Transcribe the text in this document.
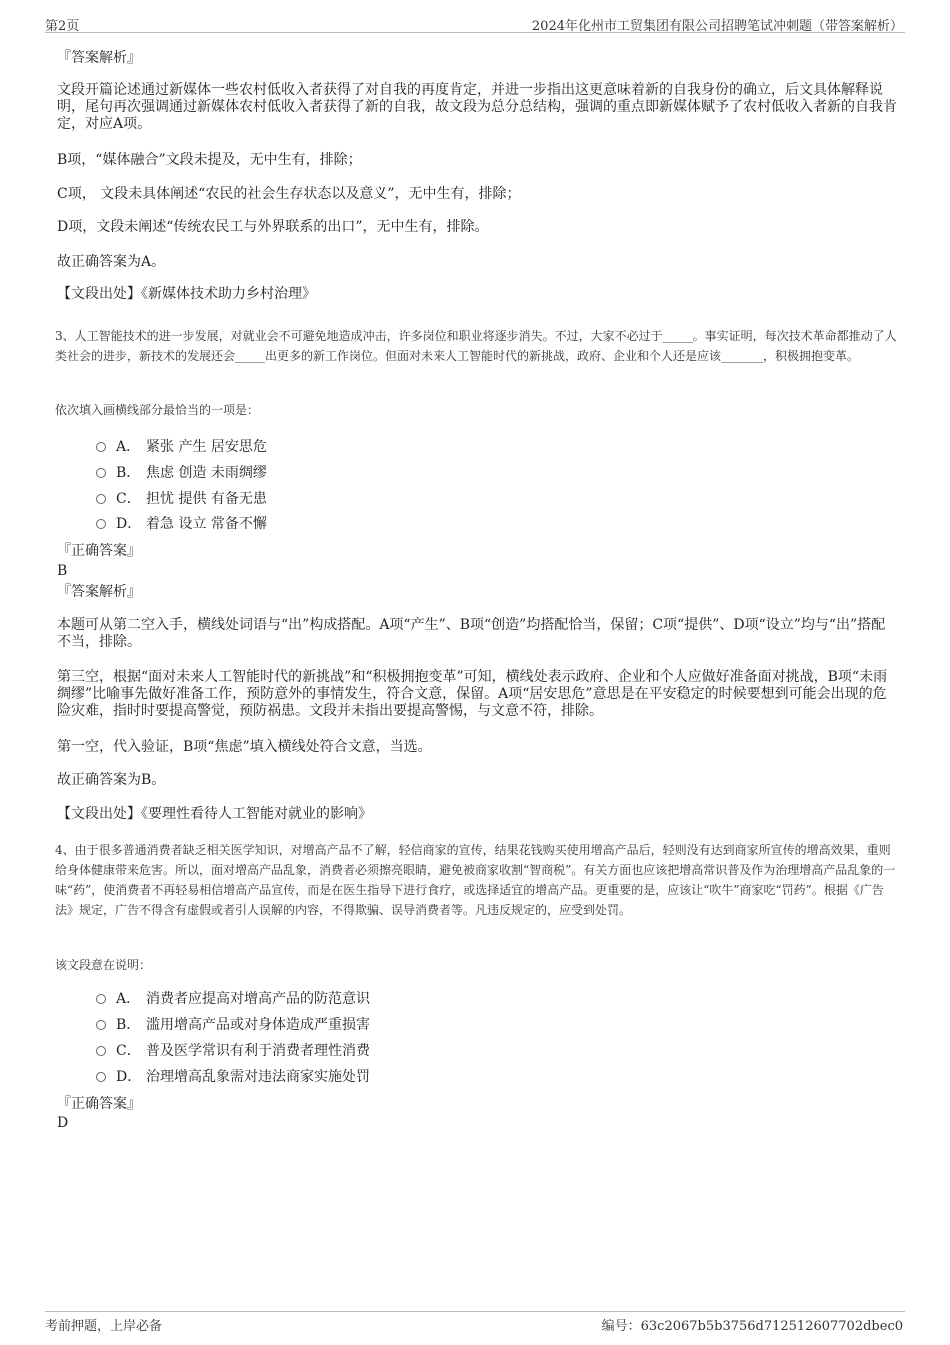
第2页	2024年化州市工贸集团有限公司招聘笔试冲刺题（带答案解析）
『答案解析』
文段开篇论述通过新媒体一些农村低收入者获得了对自我的再度肯定，并进一步指出这更意味着新的自我身份的确立，后文具体解释说明，尾句再次强调通过新媒体农村低收入者获得了新的自我，故文段为总分总结构，强调的重点即新媒体赋予了农村低收入者新的自我肯定，对应A项。
B项，“媒体融合”文段未提及，无中生有，排除；
C项， 文段未具体阐述“农民的社会生存状态以及意义”，无中生有，排除；
D项，文段未阐述“传统农民工与外界联系的出口”，无中生有，排除。
故正确答案为A。
【文段出处】《新媒体技术助力乡村治理》
3、人工智能技术的进一步发展，对就业会不可避免地造成冲击，许多岗位和职业将逐步消失。不过，大家不必过于_____。事实证明，每次技术革命都推动了人类社会的进步，新技术的发展还会_____出更多的新工作岗位。但面对未来人工智能时代的新挑战，政府、企业和个人还是应该_______，积极拥抱变革。
依次填入画横线部分最恰当的一项是：
A． 紧张 产生 居安思危
B． 焦虑 创造 未雨绸缪
C． 担忧 提供 有备无患
D． 着急 设立 常备不懈
『正确答案』
B
『答案解析』
本题可从第二空入手，横线处词语与“出”构成搭配。A项“产生”、B项“创造”均搭配恰当，保留；C项“提供”、D项“设立”均与“出”搭配不当，排除。
第三空，根据“面对未来人工智能时代的新挑战”和“积极拥抱变革”可知，横线处表示政府、企业和个人应做好准备面对挑战，B项“未雨绸缪”比喻事先做好准备工作，预防意外的事情发生，符合文意，保留。A项“居安思危”意思是在平安稳定的时候要想到可能会出现的危险灾难，指时时要提高警觉，预防祸患。文段并未指出要提高警惕，与文意不符，排除。
第一空，代入验证，B项“焦虑”填入横线处符合文意，当选。
故正确答案为B。
【文段出处】《要理性看待人工智能对就业的影响》
4、由于很多普通消费者缺乏相关医学知识，对增高产品不了解，轻信商家的宣传，结果花钱购买使用增高产品后，轻则没有达到商家所宣传的增高效果，重则给身体健康带来危害。所以，面对增高产品乱象，消费者必须擦亮眼睛，避免被商家收割“智商税”。有关方面也应该把增高常识普及作为治理增高产品乱象的一味“药”，使消费者不再轻易相信增高产品宣传，而是在医生指导下进行食疗，或选择适宜的增高产品。更重要的是，应该让“吹牛”商家吃“罚药”。根据《广告法》规定，广告不得含有虚假或者引人误解的内容，不得欺骗、误导消费者等。凡违反规定的，应受到处罚。
该文段意在说明：
A． 消费者应提高对增高产品的防范意识
B． 滥用增高产品或对身体造成严重损害
C． 普及医学常识有利于消费者理性消费
D． 治理增高乱象需对违法商家实施处罚
『正确答案』
D
考前押题，上岸必备	编号：63c2067b5b3756d712512607702dbec0
